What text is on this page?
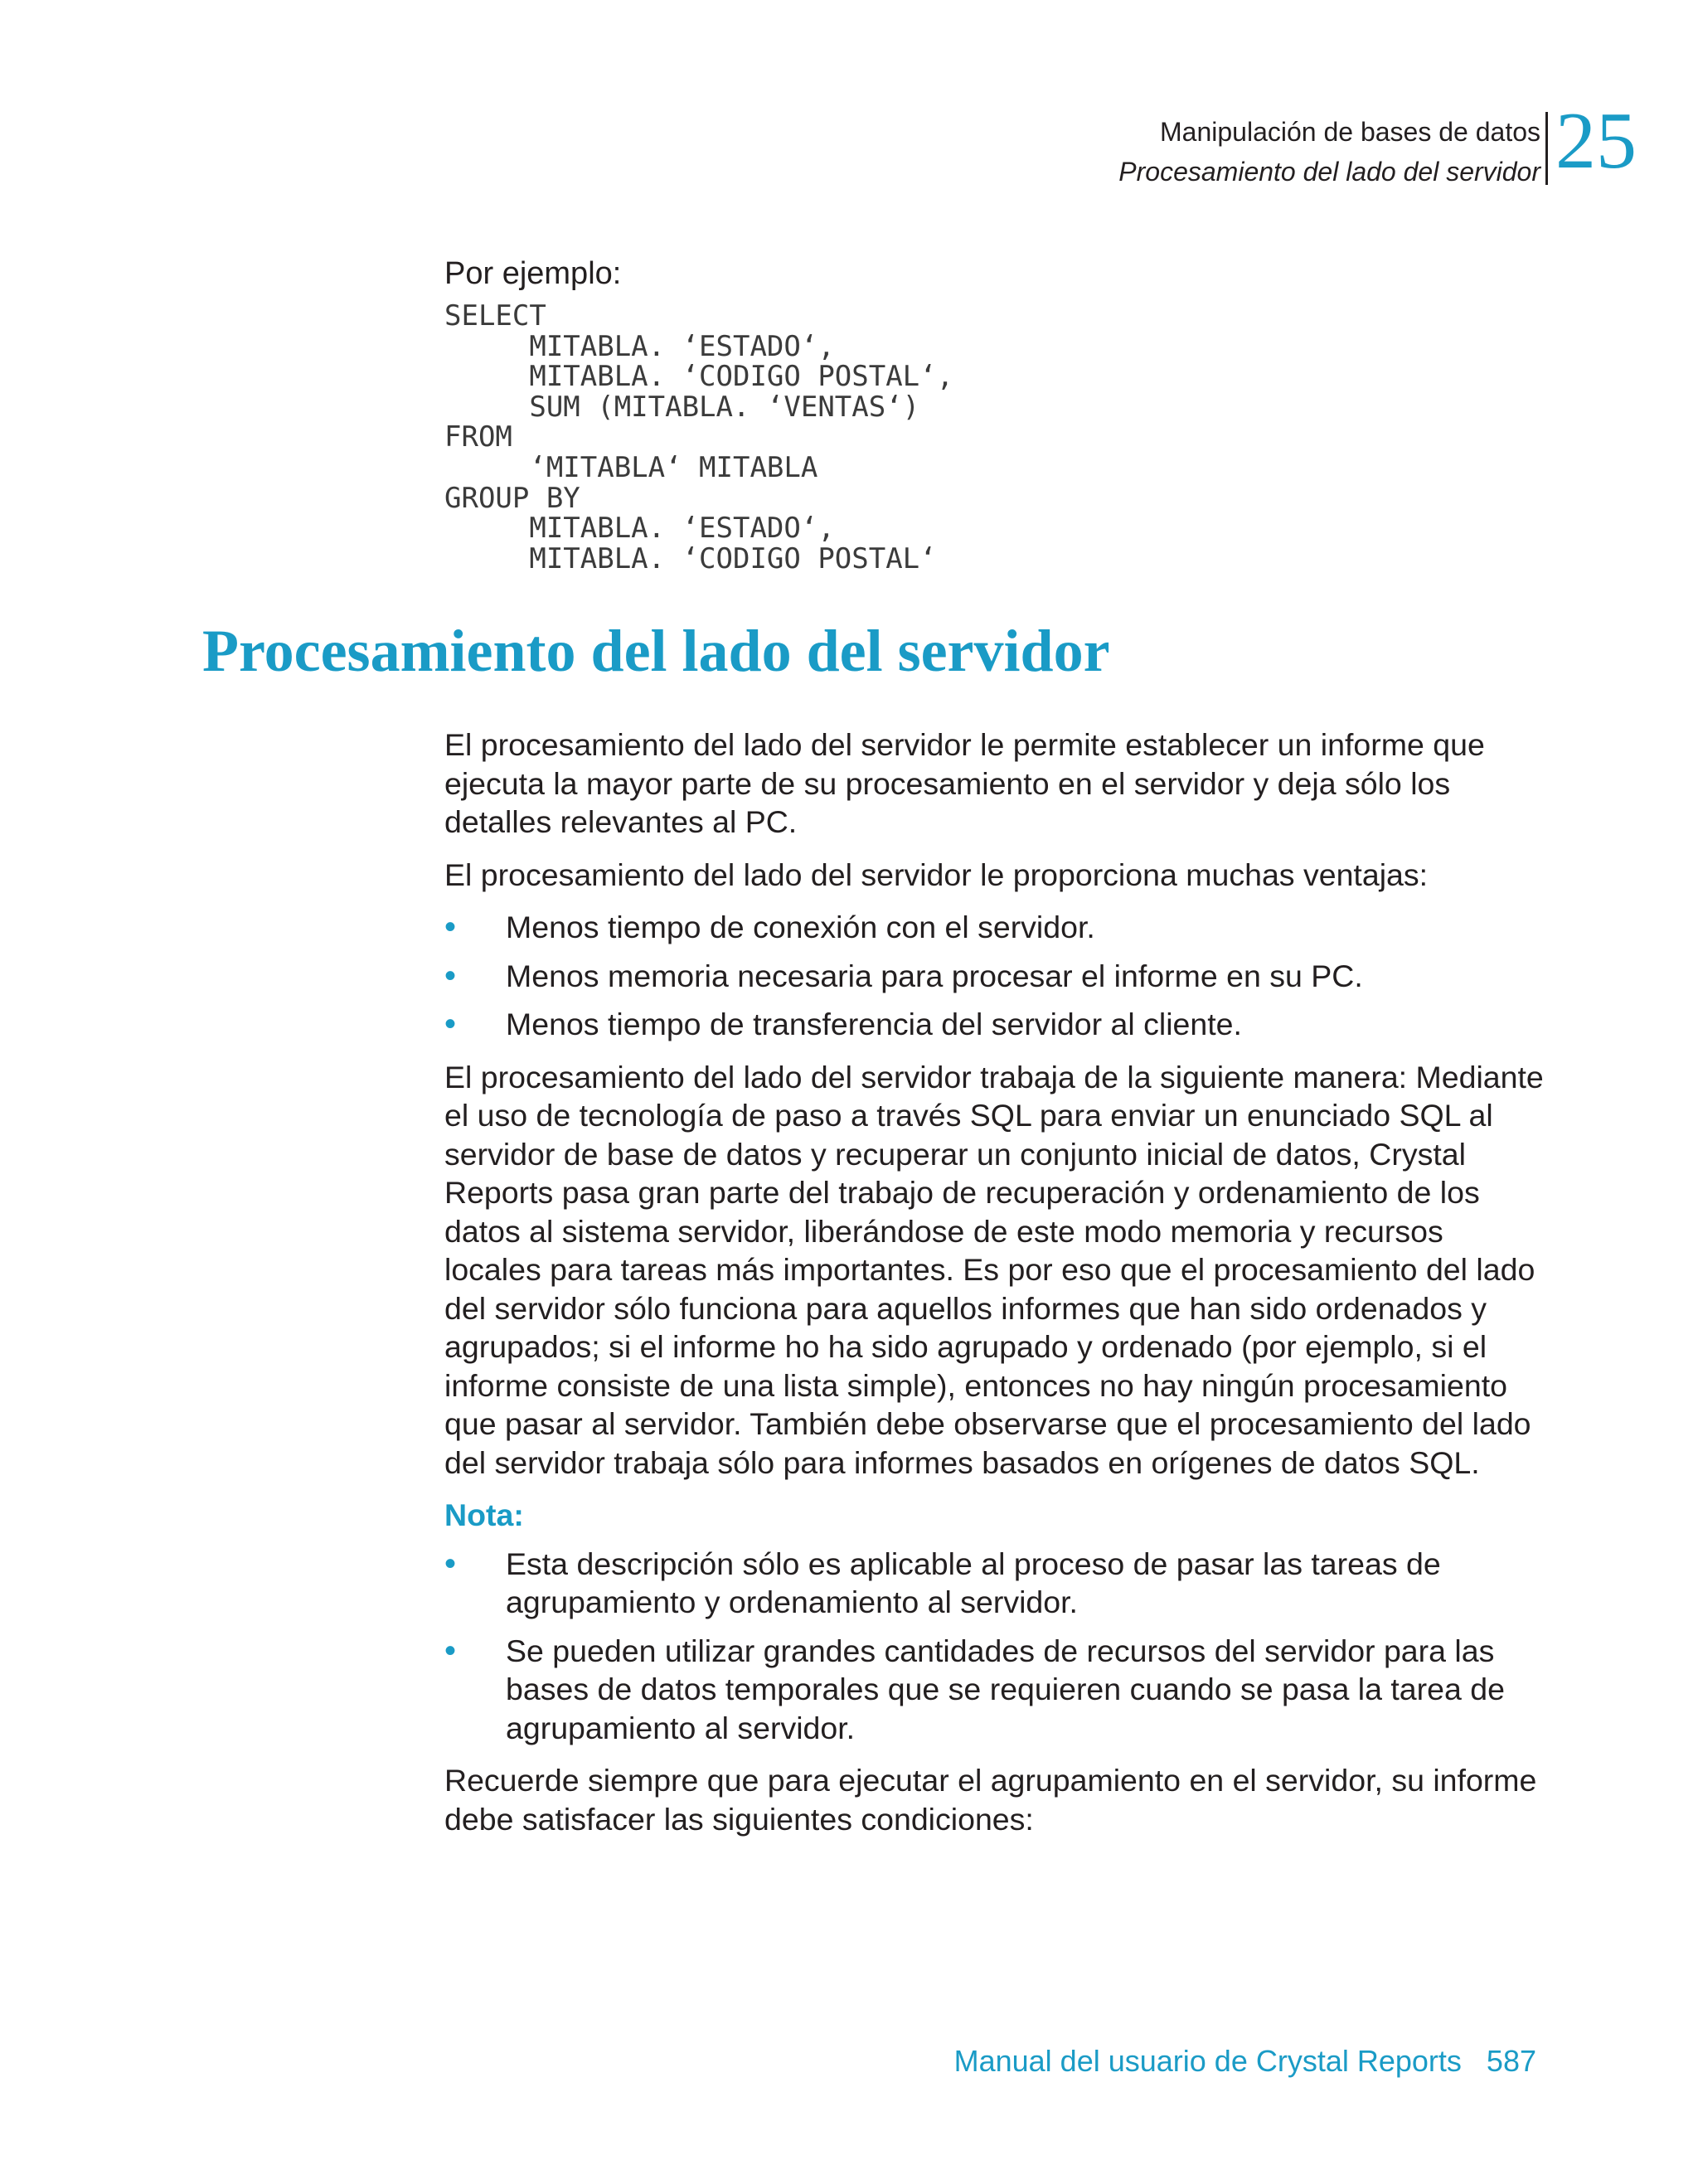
Manipulación de bases de datos
Procesamiento del lado del servidor 25
Por ejemplo:
SELECT
MITABLA. ‘ESTADO‘,
MITABLA. ‘CODIGO POSTAL‘,
SUM (MITABLA. ‘VENTAS‘)
FROM
‘MITABLA‘ MITABLA
GROUP BY
MITABLA. ‘ESTADO‘,
MITABLA. ‘CODIGO POSTAL‘
Procesamiento del lado del servidor

El procesamiento del lado del servidor le permite establecer un informe que ejecuta la mayor parte de su procesamiento en el servidor y deja sólo los detalles relevantes al PC.

El procesamiento del lado del servidor le proporciona muchas ventajas:

• Menos tiempo de conexión con el servidor.
• Menos memoria necesaria para procesar el informe en su PC.
• Menos tiempo de transferencia del servidor al cliente.

El procesamiento del lado del servidor trabaja de la siguiente manera: Mediante el uso de tecnología de paso a través SQL para enviar un enunciado SQL al servidor de base de datos y recuperar un conjunto inicial de datos, Crystal Reports pasa gran parte del trabajo de recuperación y ordenamiento de los datos al sistema servidor, liberándose de este modo memoria y recursos locales para tareas más importantes. Es por eso que el procesamiento del lado del servidor sólo funciona para aquellos informes que han sido ordenados y agrupados; si el informe ho ha sido agrupado y ordenado (por ejemplo, si el informe consiste de una lista simple), entonces no hay ningún procesamiento que pasar al servidor. También debe observarse que el procesamiento del lado del servidor trabaja sólo para informes basados en orígenes de datos SQL.

Nota:

• Esta descripción sólo es aplicable al proceso de pasar las tareas de agrupamiento y ordenamiento al servidor.
• Se pueden utilizar grandes cantidades de recursos del servidor para las bases de datos temporales que se requieren cuando se pasa la tarea de agrupamiento al servidor.

Recuerde siempre que para ejecutar el agrupamiento en el servidor, su informe debe satisfacer las siguientes condiciones:

Manual del usuario de Crystal Reports 587
